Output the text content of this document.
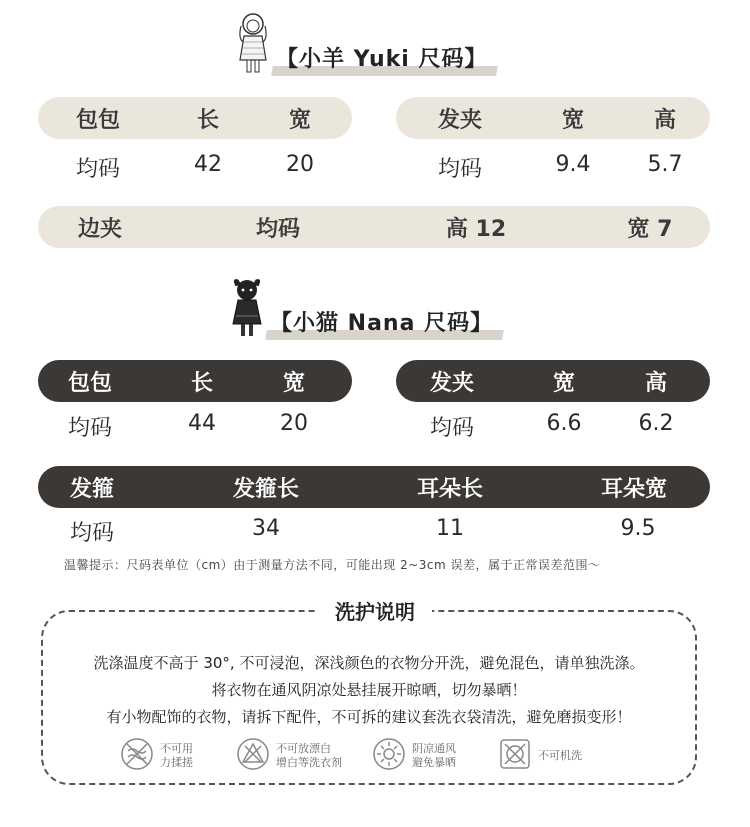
【小羊 Yuki 尺码】
包包	长	宽
均码	42	20
发夹	宽	高
均码	9.4	5.7
边夹	均码	高 12	宽 7
【小猫 Nana 尺码】
包包	长	宽
均码	44	20
发夹	宽	高
均码	6.6	6.2
发箍	发箍长	耳朵长	耳朵宽
均码	34	11	9.5
温馨提示：尺码表单位（cm）由于测量方法不同，可能出现 2~3cm 误差，属于正常误差范围～
洗护说明
洗涤温度不高于 30°, 不可浸泡，深浅颜色的衣物分开洗，避免混色，请单独洗涤。
将衣物在通风阴凉处悬挂展开晾晒，切勿暴晒！
有小物配饰的衣物，请拆下配件，不可拆的建议套洗衣袋清洗，避免磨损变形！
不可用
力揉搓
不可放漂白
增白等洗衣剂
阴凉通风
避免暴晒
不可机洗
